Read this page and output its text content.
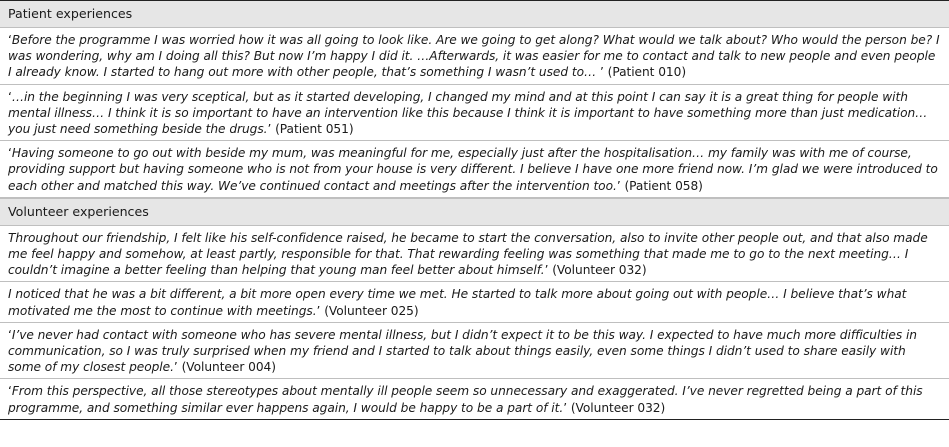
Patient experiences
‘Before the programme I was worried how it was all going to look like. Are we going to get along? What would we talk about? Who would the person be? I was wondering, why am I doing all this? But now I’m happy I did it. …Afterwards, it was easier for me to contact and talk to new people and even people I already know. I started to hang out more with other people, that’s something I wasn’t used to… ’ (Patient 010)
‘…in the beginning I was very sceptical, but as it started developing, I changed my mind and at this point I can say it is a great thing for people with mental illness… I think it is so important to have an intervention like this because I think it is important to have something more than just medication… you just need something beside the drugs.’ (Patient 051)
‘Having someone to go out with beside my mum, was meaningful for me, especially just after the hospitalisation… my family was with me of course, providing support but having someone who is not from your house is very different. I believe I have one more friend now. I’m glad we were introduced to each other and matched this way. We’ve continued contact and meetings after the intervention too.’ (Patient 058)
Volunteer experiences
Throughout our friendship, I felt like his self-confidence raised, he became to start the conversation, also to invite other people out, and that also made me feel happy and somehow, at least partly, responsible for that. That rewarding feeling was something that made me to go to the next meeting… I couldn’t imagine a better feeling than helping that young man feel better about himself.’ (Volunteer 032)
I noticed that he was a bit different, a bit more open every time we met. He started to talk more about going out with people… I believe that’s what motivated me the most to continue with meetings.’ (Volunteer 025)
‘I’ve never had contact with someone who has severe mental illness, but I didn’t expect it to be this way. I expected to have much more difficulties in communication, so I was truly surprised when my friend and I started to talk about things easily, even some things I didn’t used to share easily with some of my closest people.’ (Volunteer 004)
‘From this perspective, all those stereotypes about mentally ill people seem so unnecessary and exaggerated. I’ve never regretted being a part of this programme, and something similar ever happens again, I would be happy to be a part of it.’ (Volunteer 032)
